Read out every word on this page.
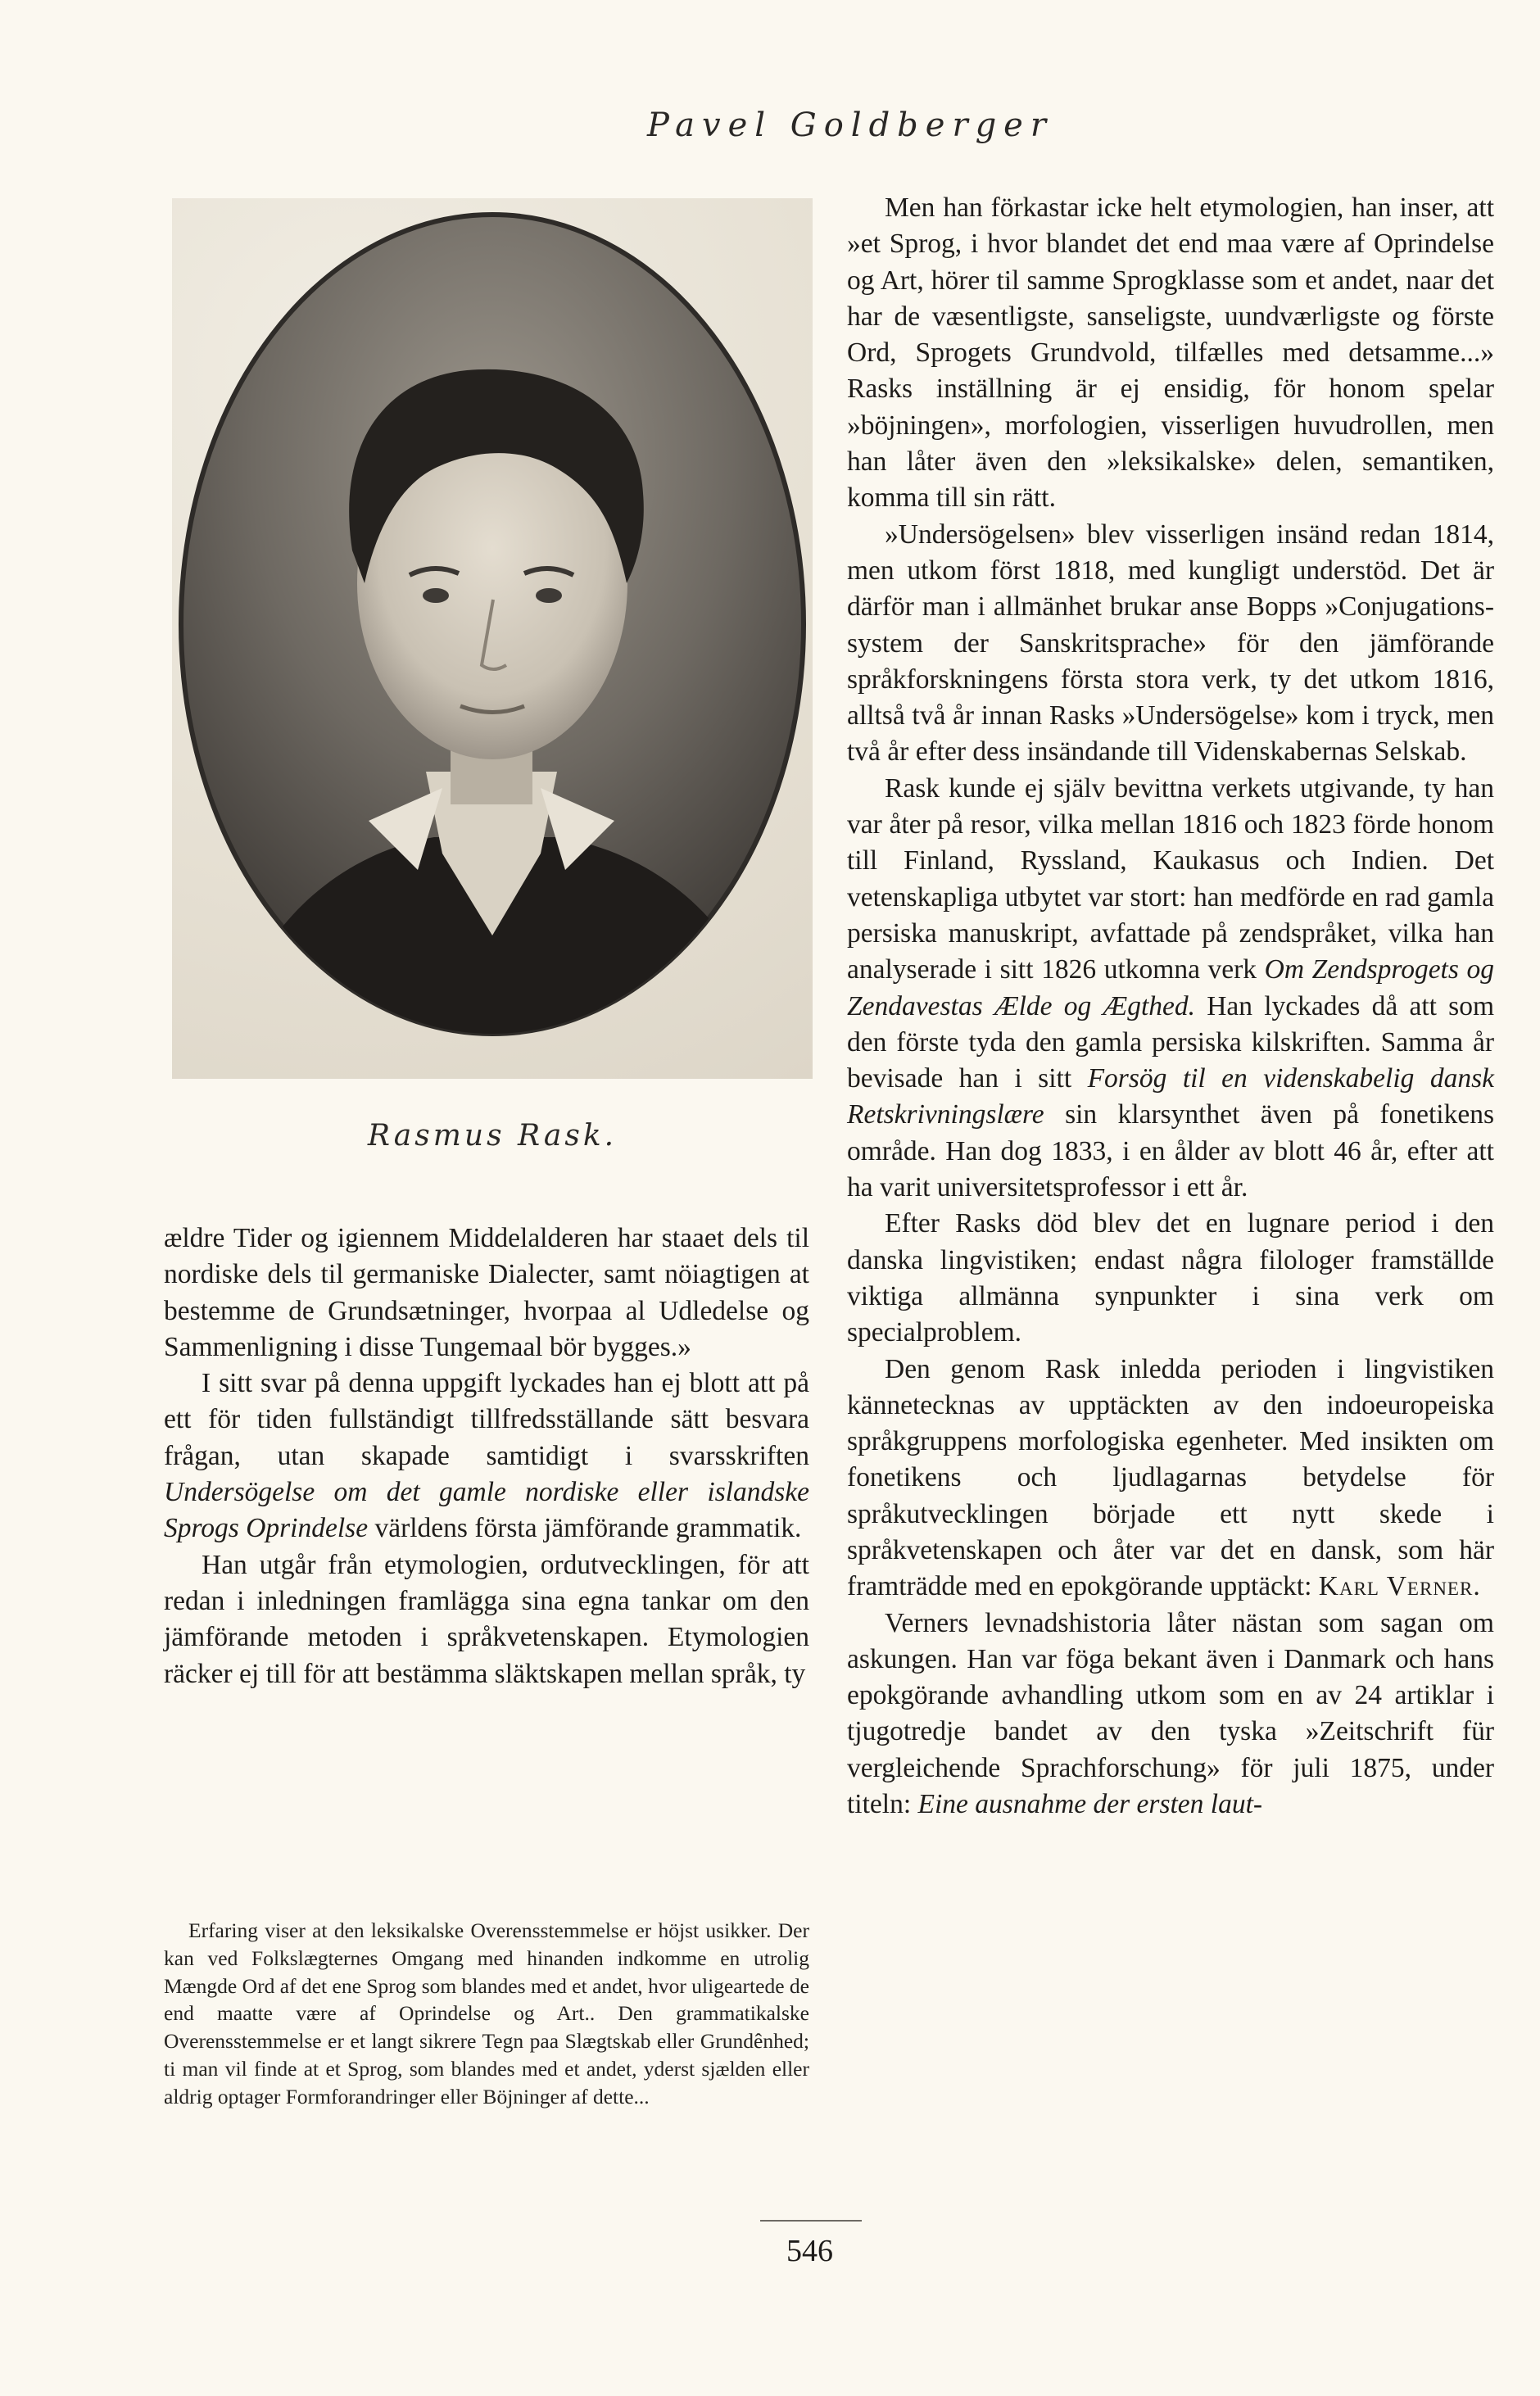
Pavel Goldberger
Rasmus Rask.

ældre Tider og igiennem Middelalderen har staaet dels til nordiske dels til germaniske Dialecter, samt nöiagtigen at bestemme de Grundsætninger, hvorpaa al Udledelse og Sammenligning i disse Tungemaal bör bygges.»

I sitt svar på denna uppgift lyckades han ej blott att på ett för tiden fullständigt tillfredsställande sätt besvara frågan, utan skapade samtidigt i svarsskriften Undersögelse om det gamle nordiske eller islandske Sprogs Oprindelse världens första jämförande grammatik.

Han utgår från etymologien, ordutvecklingen, för att redan i inledningen framlägga sina egna tankar om den jämförande metoden i språkvetenskapen. Etymologien räcker ej till för att bestämma släktskapen mellan språk, ty

Erfaring viser at den leksikalske Overensstemmelse er höjst usikker. Der kan ved Folkslægternes Omgang med hinanden indkomme en utrolig Mængde Ord af det ene Sprog som blandes med et andet, hvor uligeartede de end maatte være af Oprindelse og Art.. Den grammatikalske Overensstemmelse er et langt sikrere Tegn paa Slægtskab eller Grundênhed; ti man vil finde at et Sprog, som blandes med et andet, yderst sjælden eller aldrig optager Formforandringer eller Böjninger af dette...

Men han förkastar icke helt etymologien, han inser, att »et Sprog, i hvor blandet det end maa være af Oprindelse og Art, hörer til samme Sprogklasse som et andet, naar det har de væsentligste, sanseligste, uundværligste og förste Ord, Sprogets Grundvold, tilfælles med detsamme...» Rasks inställning är ej ensidig, för honom spelar »böjningen», morfologien, visserligen huvudrollen, men han låter även den »leksikalske» delen, semantiken, komma till sin rätt.

»Undersögelsen» blev visserligen insänd redan 1814, men utkom först 1818, med kungligt understöd. Det är därför man i allmänhet brukar anse Bopps »Conjugationssystem der Sanskritsprache» för den jämförande språkforskningens första stora verk, ty det utkom 1816, alltså två år innan Rasks »Undersögelse» kom i tryck, men två år efter dess insändande till Videnskabernas Selskab.

Rask kunde ej själv bevittna verkets utgivande, ty han var åter på resor, vilka mellan 1816 och 1823 förde honom till Finland, Ryssland, Kaukasus och Indien. Det vetenskapliga utbytet var stort: han medförde en rad gamla persiska manuskript, avfattade på zendspråket, vilka han analyserade i sitt 1826 utkomna verk Om Zendsprogets og Zendavestas Ælde og Ægthed. Han lyckades då att som den förste tyda den gamla persiska kilskriften. Samma år bevisade han i sitt Forsög til en videnskabelig dansk Retskrivningslære sin klarsynthet även på fonetikens område. Han dog 1833, i en ålder av blott 46 år, efter att ha varit universitetsprofessor i ett år.

Efter Rasks död blev det en lugnare period i den danska lingvistiken; endast några filologer framställde viktiga allmänna synpunkter i sina verk om specialproblem.

Den genom Rask inledda perioden i lingvistiken kännetecknas av upptäckten av den indoeuropeiska språkgruppens morfologiska egenheter. Med insikten om fonetikens och ljudlagarnas betydelse för språkutvecklingen började ett nytt skede i språkvetenskapen och åter var det en dansk, som här framträdde med en epokgörande upptäckt: Karl Verner.

Verners levnadshistoria låter nästan som sagan om askungen. Han var föga bekant även i Danmark och hans epokgörande avhandling utkom som en av 24 artiklar i tjugotredje bandet av den tyska »Zeitschrift für vergleichende Sprachforschung» för juli 1875, under titeln: Eine ausnahme der ersten laut-

546
